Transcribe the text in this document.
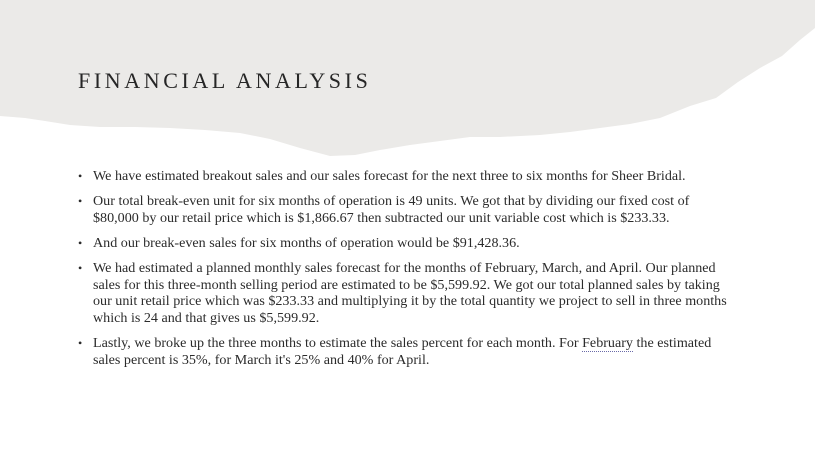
FINANCIAL ANALYSIS
• We have estimated breakout sales and our sales forecast for the next three to six months for Sheer Bridal.
• Our total break-even unit for six months of operation is 49 units. We got that by dividing our fixed cost of $80,000 by our retail price which is $1,866.67 then subtracted our unit variable cost which is $233.33.
• And our break-even sales for six months of operation would be $91,428.36.
• We had estimated a planned monthly sales forecast for the months of February, March, and April. Our planned sales for this three-month selling period are estimated to be $5,599.92. We got our total planned sales by taking our unit retail price which was $233.33 and multiplying it by the total quantity we project to sell in three months which is 24 and that gives us $5,599.92.
• Lastly, we broke up the three months to estimate the sales percent for each month. For February the estimated sales percent is 35%, for March it's 25% and 40% for April.
